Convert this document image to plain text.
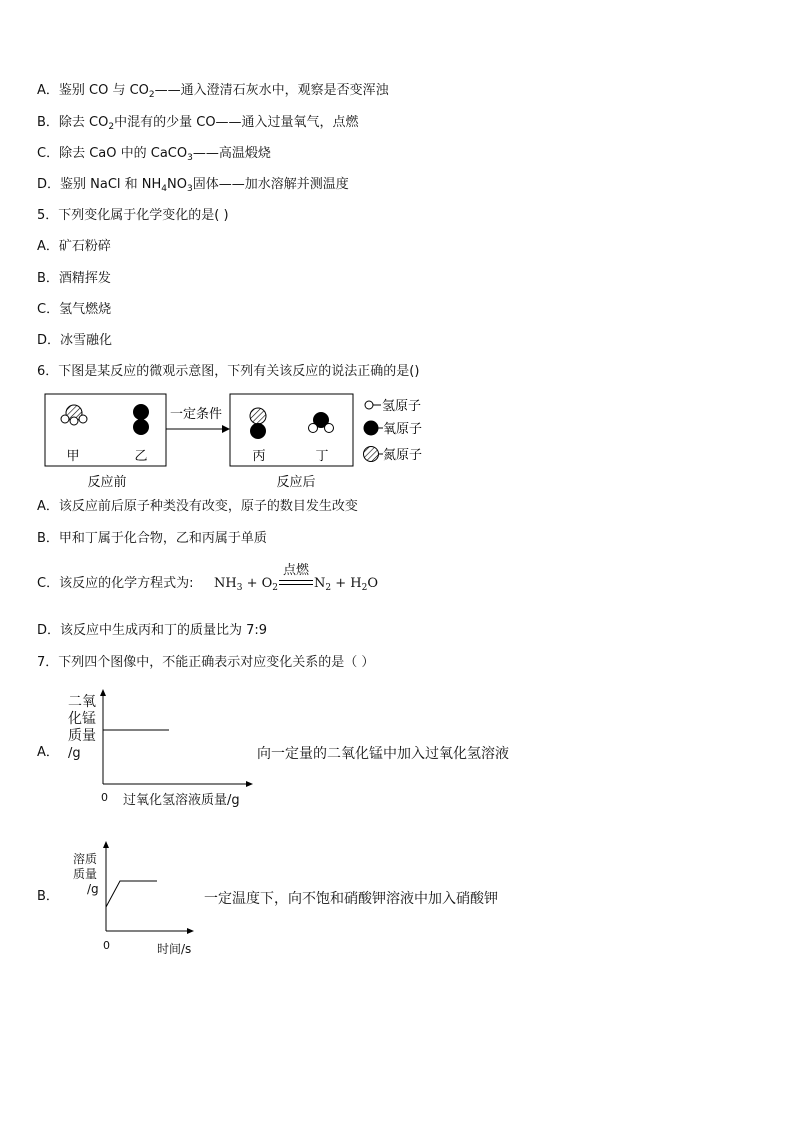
A．鉴别 CO 与 $CO_2——$通入澄清石灰水中，观察是否变浑浊
B．除去 $CO_2$中混有的少量 CO——通入过量氧气，点燃
C．除去 CaO 中的 CaCO$_3$——高温煅烧
D．鉴别 NaCl 和 $NH_4NO_3$固体——加水溶解并测温度
5．下列变化属于化学变化的是( )
A．矿石粉碎
B．酒精挥发
C．氢气燃烧
D．冰雪融化
6．下图是某反应的微观示意图，下列有关该反应的说法正确的是()
甲	乙
一定条件
丙	丁
反应前	反应后
氢原子
氧原子
氮原子
A．该反应前后原子种类没有改变，原子的数目发生改变
B．甲和丁属于化合物，乙和丙属于单质
C．该反应的化学方程式为: $NH_3 + O_2$
点燃
$N_2 + H_2O$
D．该反应中生成丙和丁的质量比为 7:9
7．下列四个图像中，不能正确表示对应变化关系的是（ ）
A．
二氧
化锰
质量
/g
0 过氧化氢溶液质量/g
向一定量的二氧化锰中加入过氧化氢溶液
B．
溶质
质量
/g
0	时间/s
一定温度下，向不饱和硝酸钾溶液中加入硝酸钾
